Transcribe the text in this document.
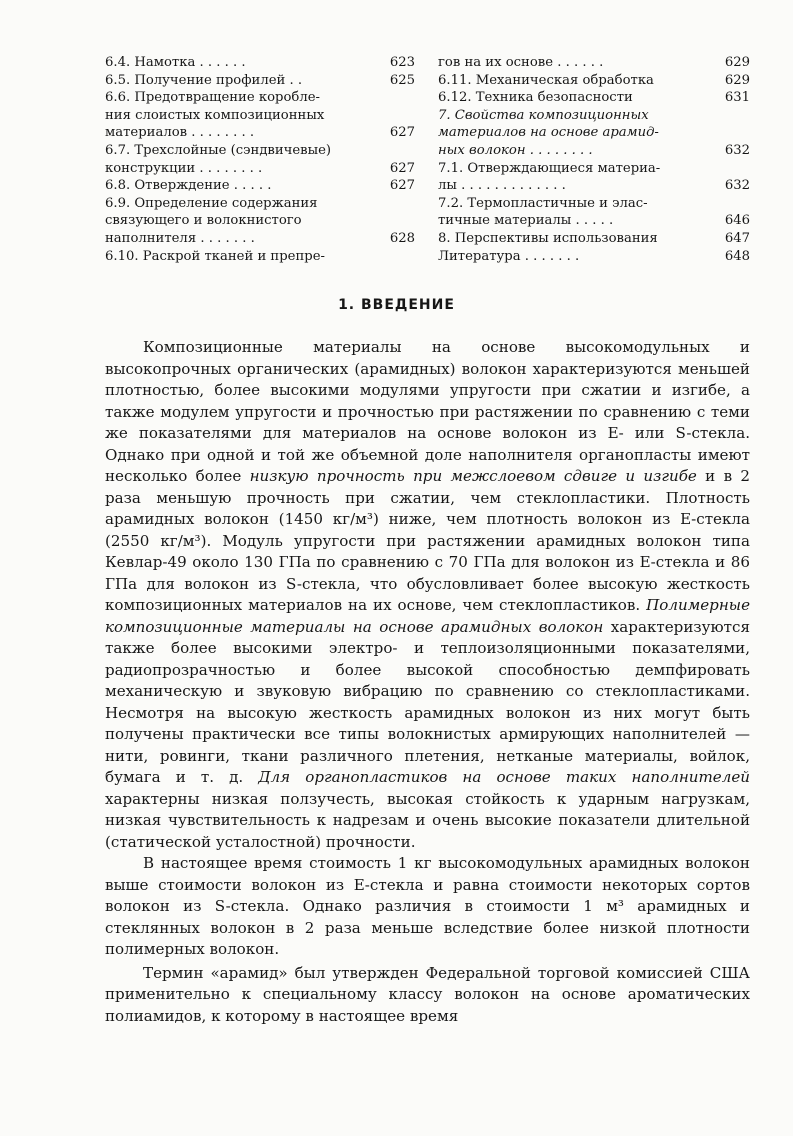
6.4. Намотка . . . . . .	623
6.5. Получение профилей . .	625
6.6. Предотвращение коробле-
ния слоистых композиционных
материалов . . . . . . . .	627
6.7. Трехслойные (сэндвичевые)
конструкции . . . . . . . .	627
6.8. Отверждение . . . . .	627
6.9. Определение содержания
связующего и волокнистого
наполнителя . . . . . . .	628
6.10. Раскрой тканей и препре-
гов на их основе . . . . . .	629
6.11. Механическая обработка	629
6.12. Техника безопасности	631
7. Свойства композиционных
материалов на основе арамид-
ных волокон . . . . . . . .	632
7.1. Отверждающиеся материа-
лы . . . . . . . . . . . . .	632
7.2. Термопластичные и элас-
тичные материалы . . . . .	646
8. Перспективы использования	647
Литература . . . . . . .	648
1. ВВЕДЕНИЕ

Композиционные материалы на основе высокомодульных и высокопрочных органических (арамидных) волокон характеризуются меньшей плотностью, более высокими модулями упругости при сжатии и изгибе, а также модулем упругости и прочностью при растяжении по сравнению с теми же показателями для материалов на основе волокон из Е- или S-стекла. Однако при одной и той же объемной доле наполнителя органопласты имеют несколько более низкую прочность при межслоевом сдвиге и изгибе и в 2 раза меньшую прочность при сжатии, чем стеклопластики. Плотность арамидных волокон (1450 кг/м³) ниже, чем плотность волокон из Е-стекла (2550 кг/м³). Модуль упругости при растяжении арамидных волокон типа Кевлар-49 около 130 ГПа по сравнению с 70 ГПа для волокон из Е-стекла и 86 ГПа для волокон из S-стекла, что обусловливает более высокую жесткость композиционных материалов на их основе, чем стеклопластиков. Полимерные композиционные материалы на основе арамидных волокон характеризуются также более высокими электро- и теплоизоляционными показателями, радиопрозрачностью и более высокой способностью демпфировать механическую и звуковую вибрацию по сравнению со стеклопластиками. Несмотря на высокую жесткость арамидных волокон из них могут быть получены практически все типы волокнистых армирующих наполнителей — нити, ровинги, ткани различного плетения, нетканые материалы, войлок, бумага и т. д. Для органопластиков на основе таких наполнителей характерны низкая ползучесть, высокая стойкость к ударным нагрузкам, низкая чувствительность к надрезам и очень высокие показатели длительной (статической усталостной) прочности.

В настоящее время стоимость 1 кг высокомодульных арамидных волокон выше стоимости волокон из Е-стекла и равна стоимости некоторых сортов волокон из S-стекла. Однако различия в стоимости 1 м³ арамидных и стеклянных волокон в 2 раза меньше вследствие более низкой плотности полимерных волокон.

Термин «арамид» был утвержден Федеральной торговой комиссией США применительно к специальному классу волокон на основе ароматических полиамидов, к которому в настоящее время
